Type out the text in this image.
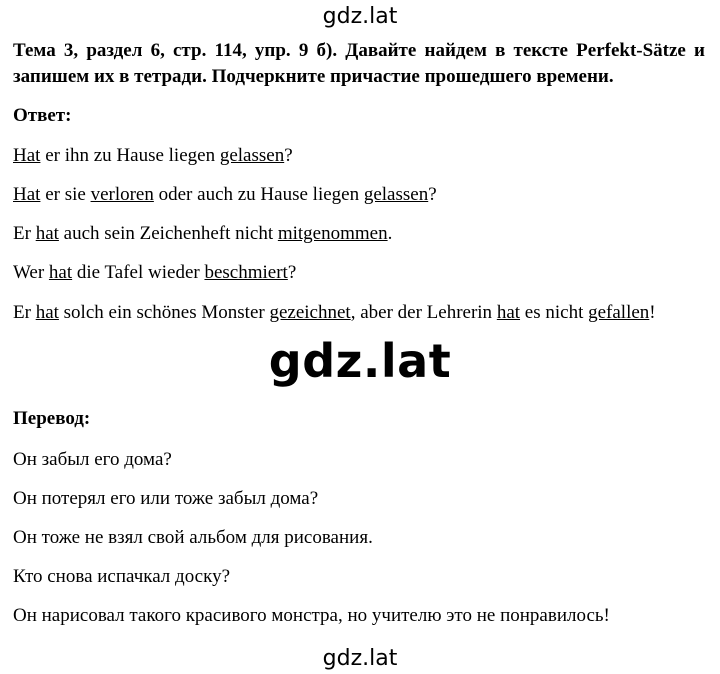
gdz.lat
Тема 3, раздел 6, стр. 114, упр. 9 б). Давайте найдем в тексте Perfekt-Sätze и запишем их в тетради. Подчеркните причастие прошедшего времени.
Ответ:
Hat er ihn zu Hause liegen gelassen?
Hat er sie verloren oder auch zu Hause liegen gelassen?
Er hat auch sein Zeichenheft nicht mitgenommen.
Wer hat die Tafel wieder beschmiert?
Er hat solch ein schönes Monster gezeichnet, aber der Lehrerin hat es nicht gefallen!
gdz.lat
Перевод:
Он забыл его дома?
Он потерял его или тоже забыл дома?
Он тоже не взял свой альбом для рисования.
Кто снова испачкал доску?
Он нарисовал такого красивого монстра, но учителю это не понравилось!
gdz.lat
